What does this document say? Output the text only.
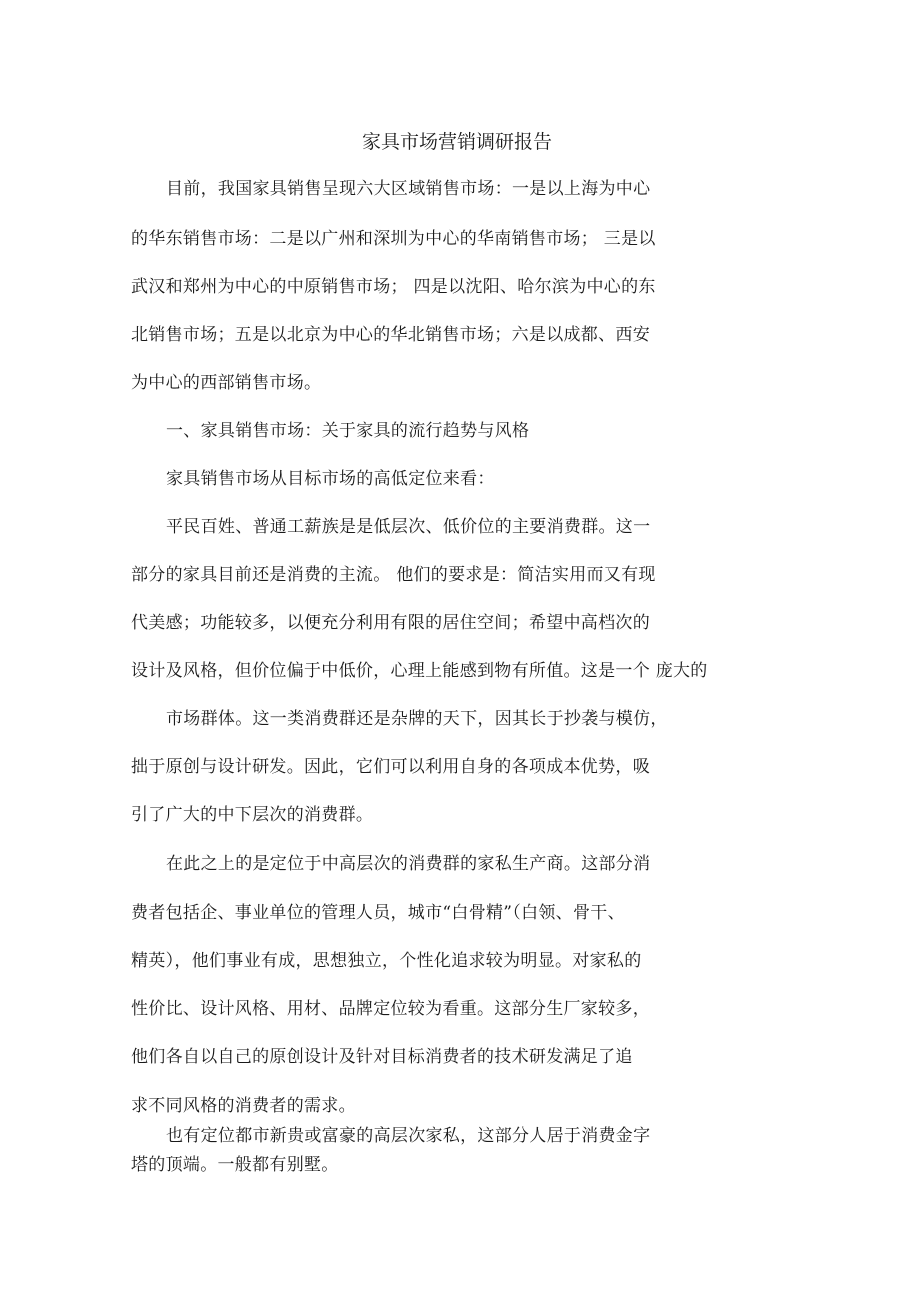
家具市场营销调研报告
目前，我国家具销售呈现六大区域销售市场：一是以上海为中心
的华东销售市场：二是以广州和深圳为中心的华南销售市场； 三是以
武汉和郑州为中心的中原销售市场； 四是以沈阳、哈尔滨为中心的东
北销售市场；五是以北京为中心的华北销售市场；六是以成都、西安
为中心的西部销售市场。
一、家具销售市场：关于家具的流行趋势与风格
家具销售市场从目标市场的高低定位来看：
平民百姓、普通工薪族是是低层次、低价位的主要消费群。这一
部分的家具目前还是消费的主流。 他们的要求是：简洁实用而又有现
代美感；功能较多，以便充分利用有限的居住空间；希望中高档次的
设计及风格，但价位偏于中低价，心理上能感到物有所值。这是一个 庞大的
市场群体。这一类消费群还是杂牌的天下，因其长于抄袭与模仿，
拙于原创与设计研发。因此，它们可以利用自身的各项成本优势，吸
引了广大的中下层次的消费群。
在此之上的是定位于中高层次的消费群的家私生产商。这部分消
费者包括企、事业单位的管理人员，城市“白骨精”（白领、骨干、
精英），他们事业有成，思想独立，个性化追求较为明显。对家私的
性价比、设计风格、用材、品牌定位较为看重。这部分生厂家较多，
他们各自以自己的原创设计及针对目标消费者的技术研发满足了追
求不同风格的消费者的需求。
也有定位都市新贵或富豪的高层次家私，这部分人居于消费金字
塔的顶端。一般都有别墅。
